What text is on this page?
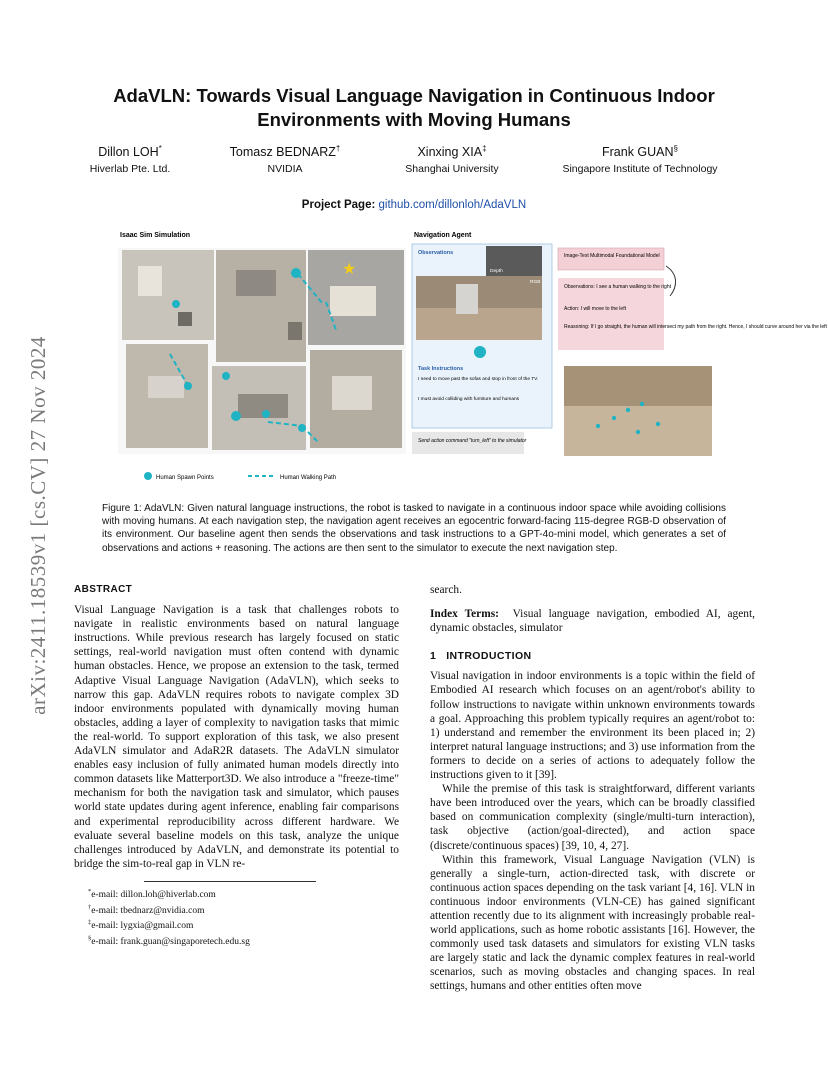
arXiv:2411.18539v1 [cs.CV] 27 Nov 2024
AdaVLN: Towards Visual Language Navigation in Continuous Indoor Environments with Moving Humans
Dillon LOH*
Hiverlab Pte. Ltd.
Tomasz BEDNARZ†
NVIDIA
Xinxing XIA‡
Shanghai University
Frank GUAN§
Singapore Institute of Technology
Project Page: github.com/dillonloh/AdaVLN
Isaac Sim Simulation
★
Human Spawn Points	Human Walking Path
Navigation Agent
Observations
Depth
RGB
Task Instructions
I need to move past the sofas and stop in front of the TV.
I must avoid colliding with furniture and humans
Image-Text Multimodal Foundational Model
Observations: I see a human walking to the right
Action: I will move to the left
Reasoning: If I go straight, the human will intersect my path from the right. Hence, I should curve around her via the left
Send action command "turn_left" to the simulator
Figure 1: AdaVLN: Given natural language instructions, the robot is tasked to navigate in a continuous indoor space while avoiding collisions with moving humans. At each navigation step, the navigation agent receives an egocentric forward-facing 115-degree RGB-D observation of its environment. Our baseline agent then sends the observations and task instructions to a GPT-4o-mini model, which generates a set of observations and actions + reasoning. The actions are then sent to the simulator to execute the next navigation step.
ABSTRACT

Visual Language Navigation is a task that challenges robots to navigate in realistic environments based on natural language instructions. While previous research has largely focused on static settings, real-world navigation must often contend with dynamic human obstacles. Hence, we propose an extension to the task, termed Adaptive Visual Language Navigation (AdaVLN), which seeks to narrow this gap. AdaVLN requires robots to navigate complex 3D indoor environments populated with dynamically moving human obstacles, adding a layer of complexity to navigation tasks that mimic the real-world. To support exploration of this task, we also present AdaVLN simulator and AdaR2R datasets. The AdaVLN simulator enables easy inclusion of fully animated human models directly into common datasets like Matterport3D. We also introduce a "freeze-time" mechanism for both the navigation task and simulator, which pauses world state updates during agent inference, enabling fair comparisons and experimental reproducibility across different hardware. We evaluate several baseline models on this task, analyze the unique challenges introduced by AdaVLN, and demonstrate its potential to bridge the sim-to-real gap in VLN re-

*e-mail: dillon.loh@hiverlab.com
†e-mail: tbednarz@nvidia.com
‡e-mail: lygxia@gmail.com
§e-mail: frank.guan@singaporetech.edu.sg

search.

Index Terms: Visual language navigation, embodied AI, agent, dynamic obstacles, simulator

1 INTRODUCTION

Visual navigation in indoor environments is a topic within the field of Embodied AI research which focuses on an agent/robot's ability to follow instructions to navigate within unknown environments towards a goal. Approaching this problem typically requires an agent/robot to: 1) understand and remember the environment its been placed in; 2) interpret natural language instructions; and 3) use information from the formers to decide on a series of actions to adequately follow the instructions given to it [39].

While the premise of this task is straightforward, different variants have been introduced over the years, which can be broadly classified based on communication complexity (single/multi-turn interaction), task objective (action/goal-directed), and action space (discrete/continuous spaces) [39, 10, 4, 27].

Within this framework, Visual Language Navigation (VLN) is generally a single-turn, action-directed task, with discrete or continuous action spaces depending on the task variant [4, 16]. VLN in continuous indoor environments (VLN-CE) has gained significant attention recently due to its alignment with increasingly probable real-world applications, such as home robotic assistants [16]. However, the commonly used task datasets and simulators for existing VLN tasks are largely static and lack the dynamic complex features in real-world scenarios, such as moving obstacles and changing spaces. In real settings, humans and other entities often move
